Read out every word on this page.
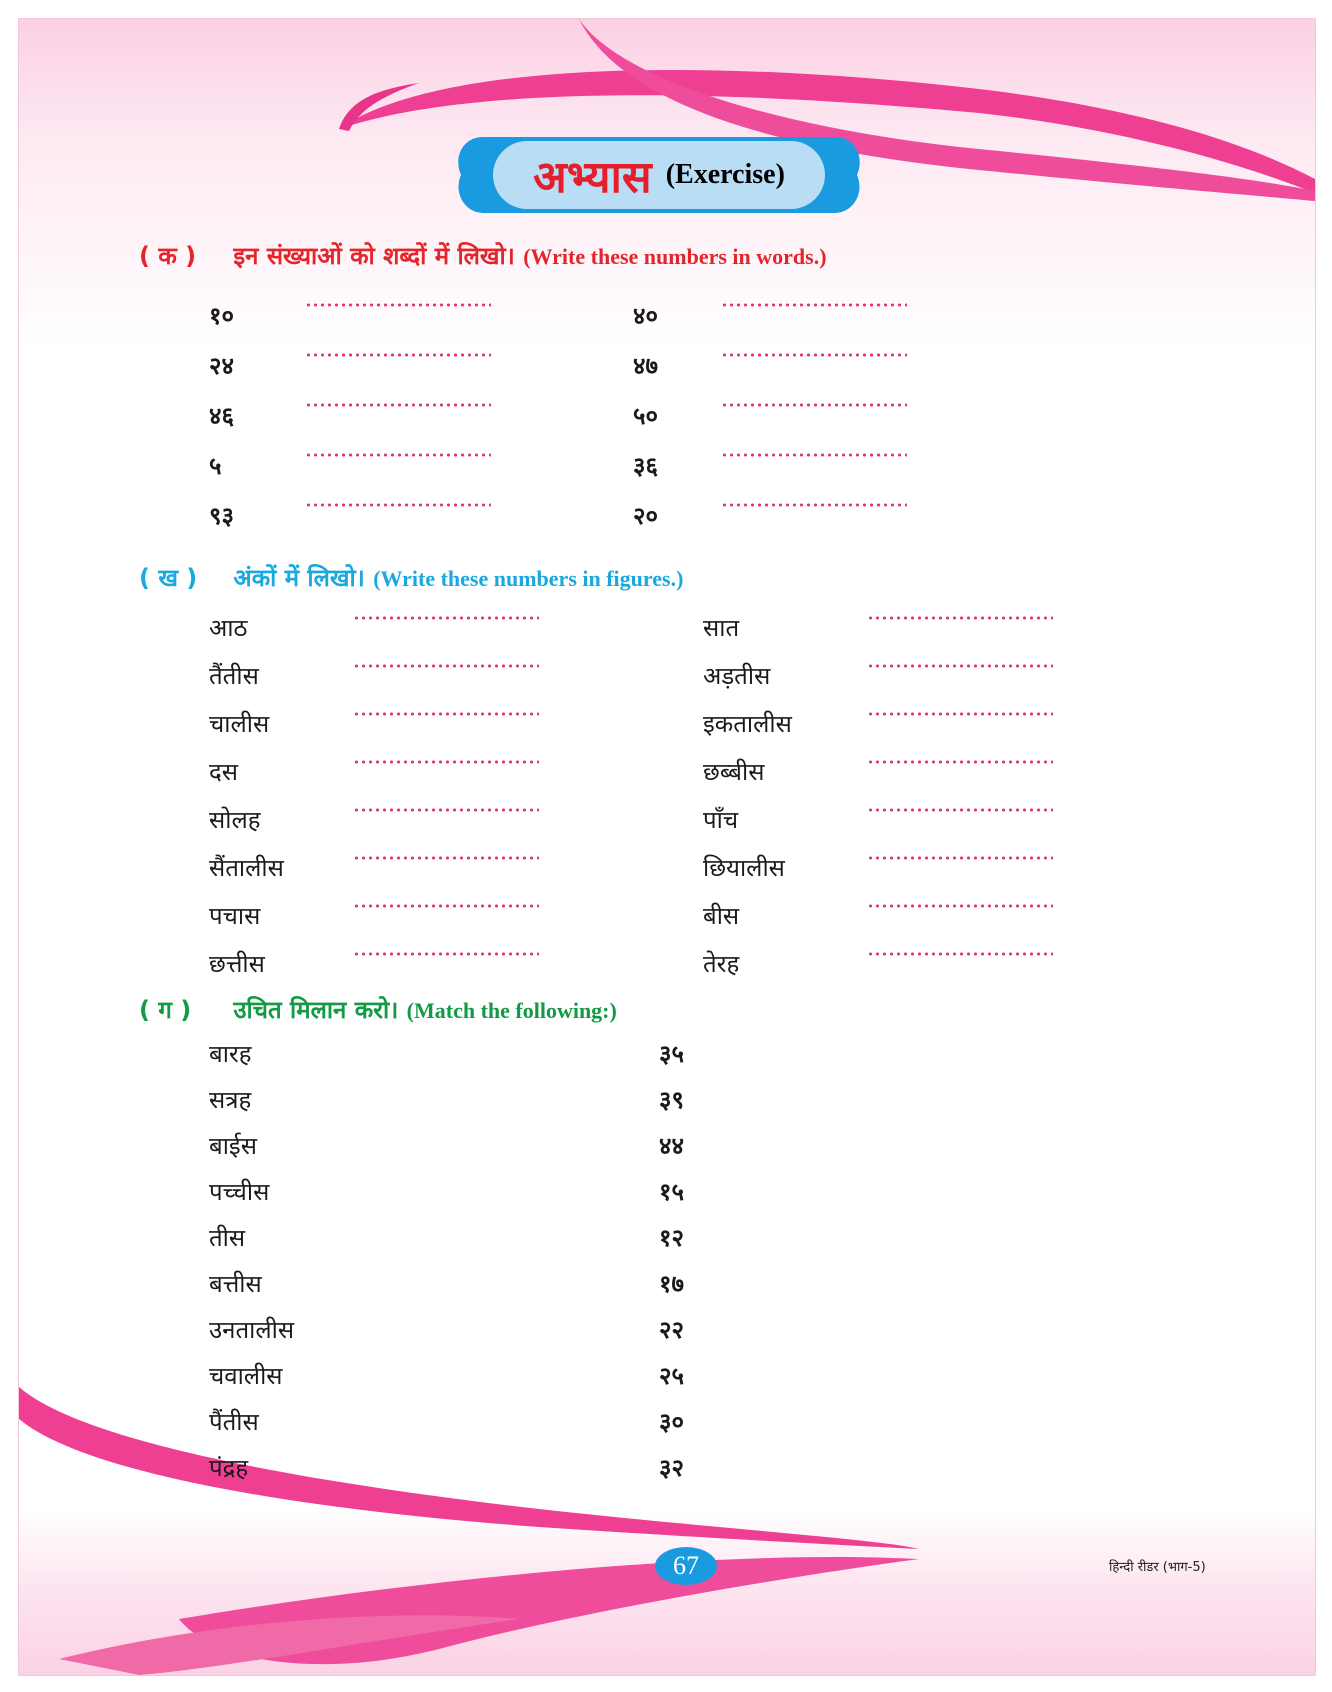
अभ्यास (Exercise)
( क ) इन संख्याओं को शब्दों में लिखो। (Write these numbers in words.)
१०
२४
४६
५
९३
४०
४७
५०
३६
२०
( ख ) अंकों में लिखो। (Write these numbers in figures.)
आठ
तैंतीस
चालीस
दस
सोलह
सैंतालीस
पचास
छत्तीस
सात
अड़तीस
इकतालीस
छब्बीस
पाँच
छियालीस
बीस
तेरह
( ग ) उचित मिलान करो। (Match the following:)
बारह
सत्रह
बाईस
पच्चीस
तीस
बत्तीस
उनतालीस
चवालीस
पैंतीस
पंद्रह
३५
३९
४४
१५
१२
१७
२२
२५
३०
३२
67	हिन्दी रीडर (भाग-5)
